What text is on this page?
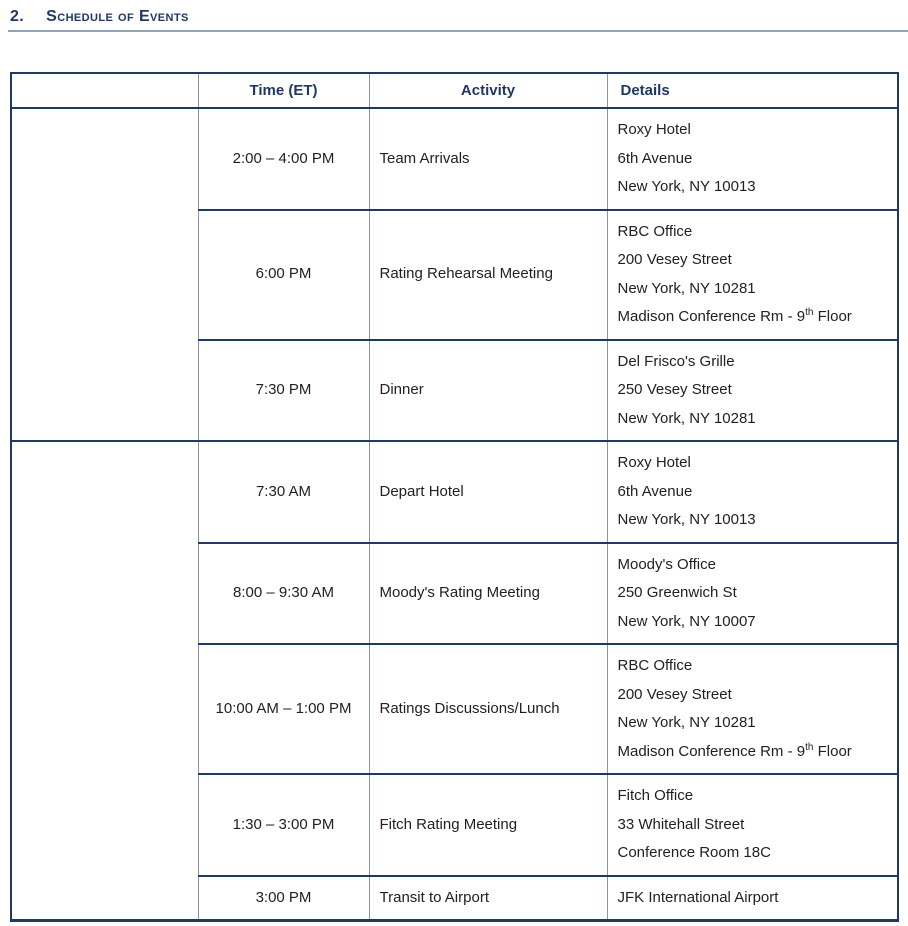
2. Schedule of Events
	Time (ET)	Activity	Details

Tuesday,
August 1st
	2:00 – 4:00 PM	Team Arrivals	
Roxy Hotel
6th Avenue
New York, NY 10013

	6:00 PM	Rating Rehearsal Meeting	RBC Office
200 Vesey Street
New York, NY 10281
Madison Conference Rm - 9th Floor

	7:30 PM	Dinner	Del Frisco's Grille
250 Vesey Street
New York, NY 10281

Wednesday,
August 2nd
	7:30 AM	Depart Hotel	
Roxy Hotel
6th Avenue
New York, NY 10013

	8:00 – 9:30 AM	Moody's Rating Meeting	Moody's Office
250 Greenwich St
New York, NY 10007

	10:00 AM – 1:00 PM	Ratings Discussions/Lunch	RBC Office
200 Vesey Street
New York, NY 10281
Madison Conference Rm - 9th Floor

	1:30 – 3:00 PM	Fitch Rating Meeting	Fitch Office
33 Whitehall Street
Conference Room 18C

	3:00 PM	Transit to Airport	JFK International Airport
